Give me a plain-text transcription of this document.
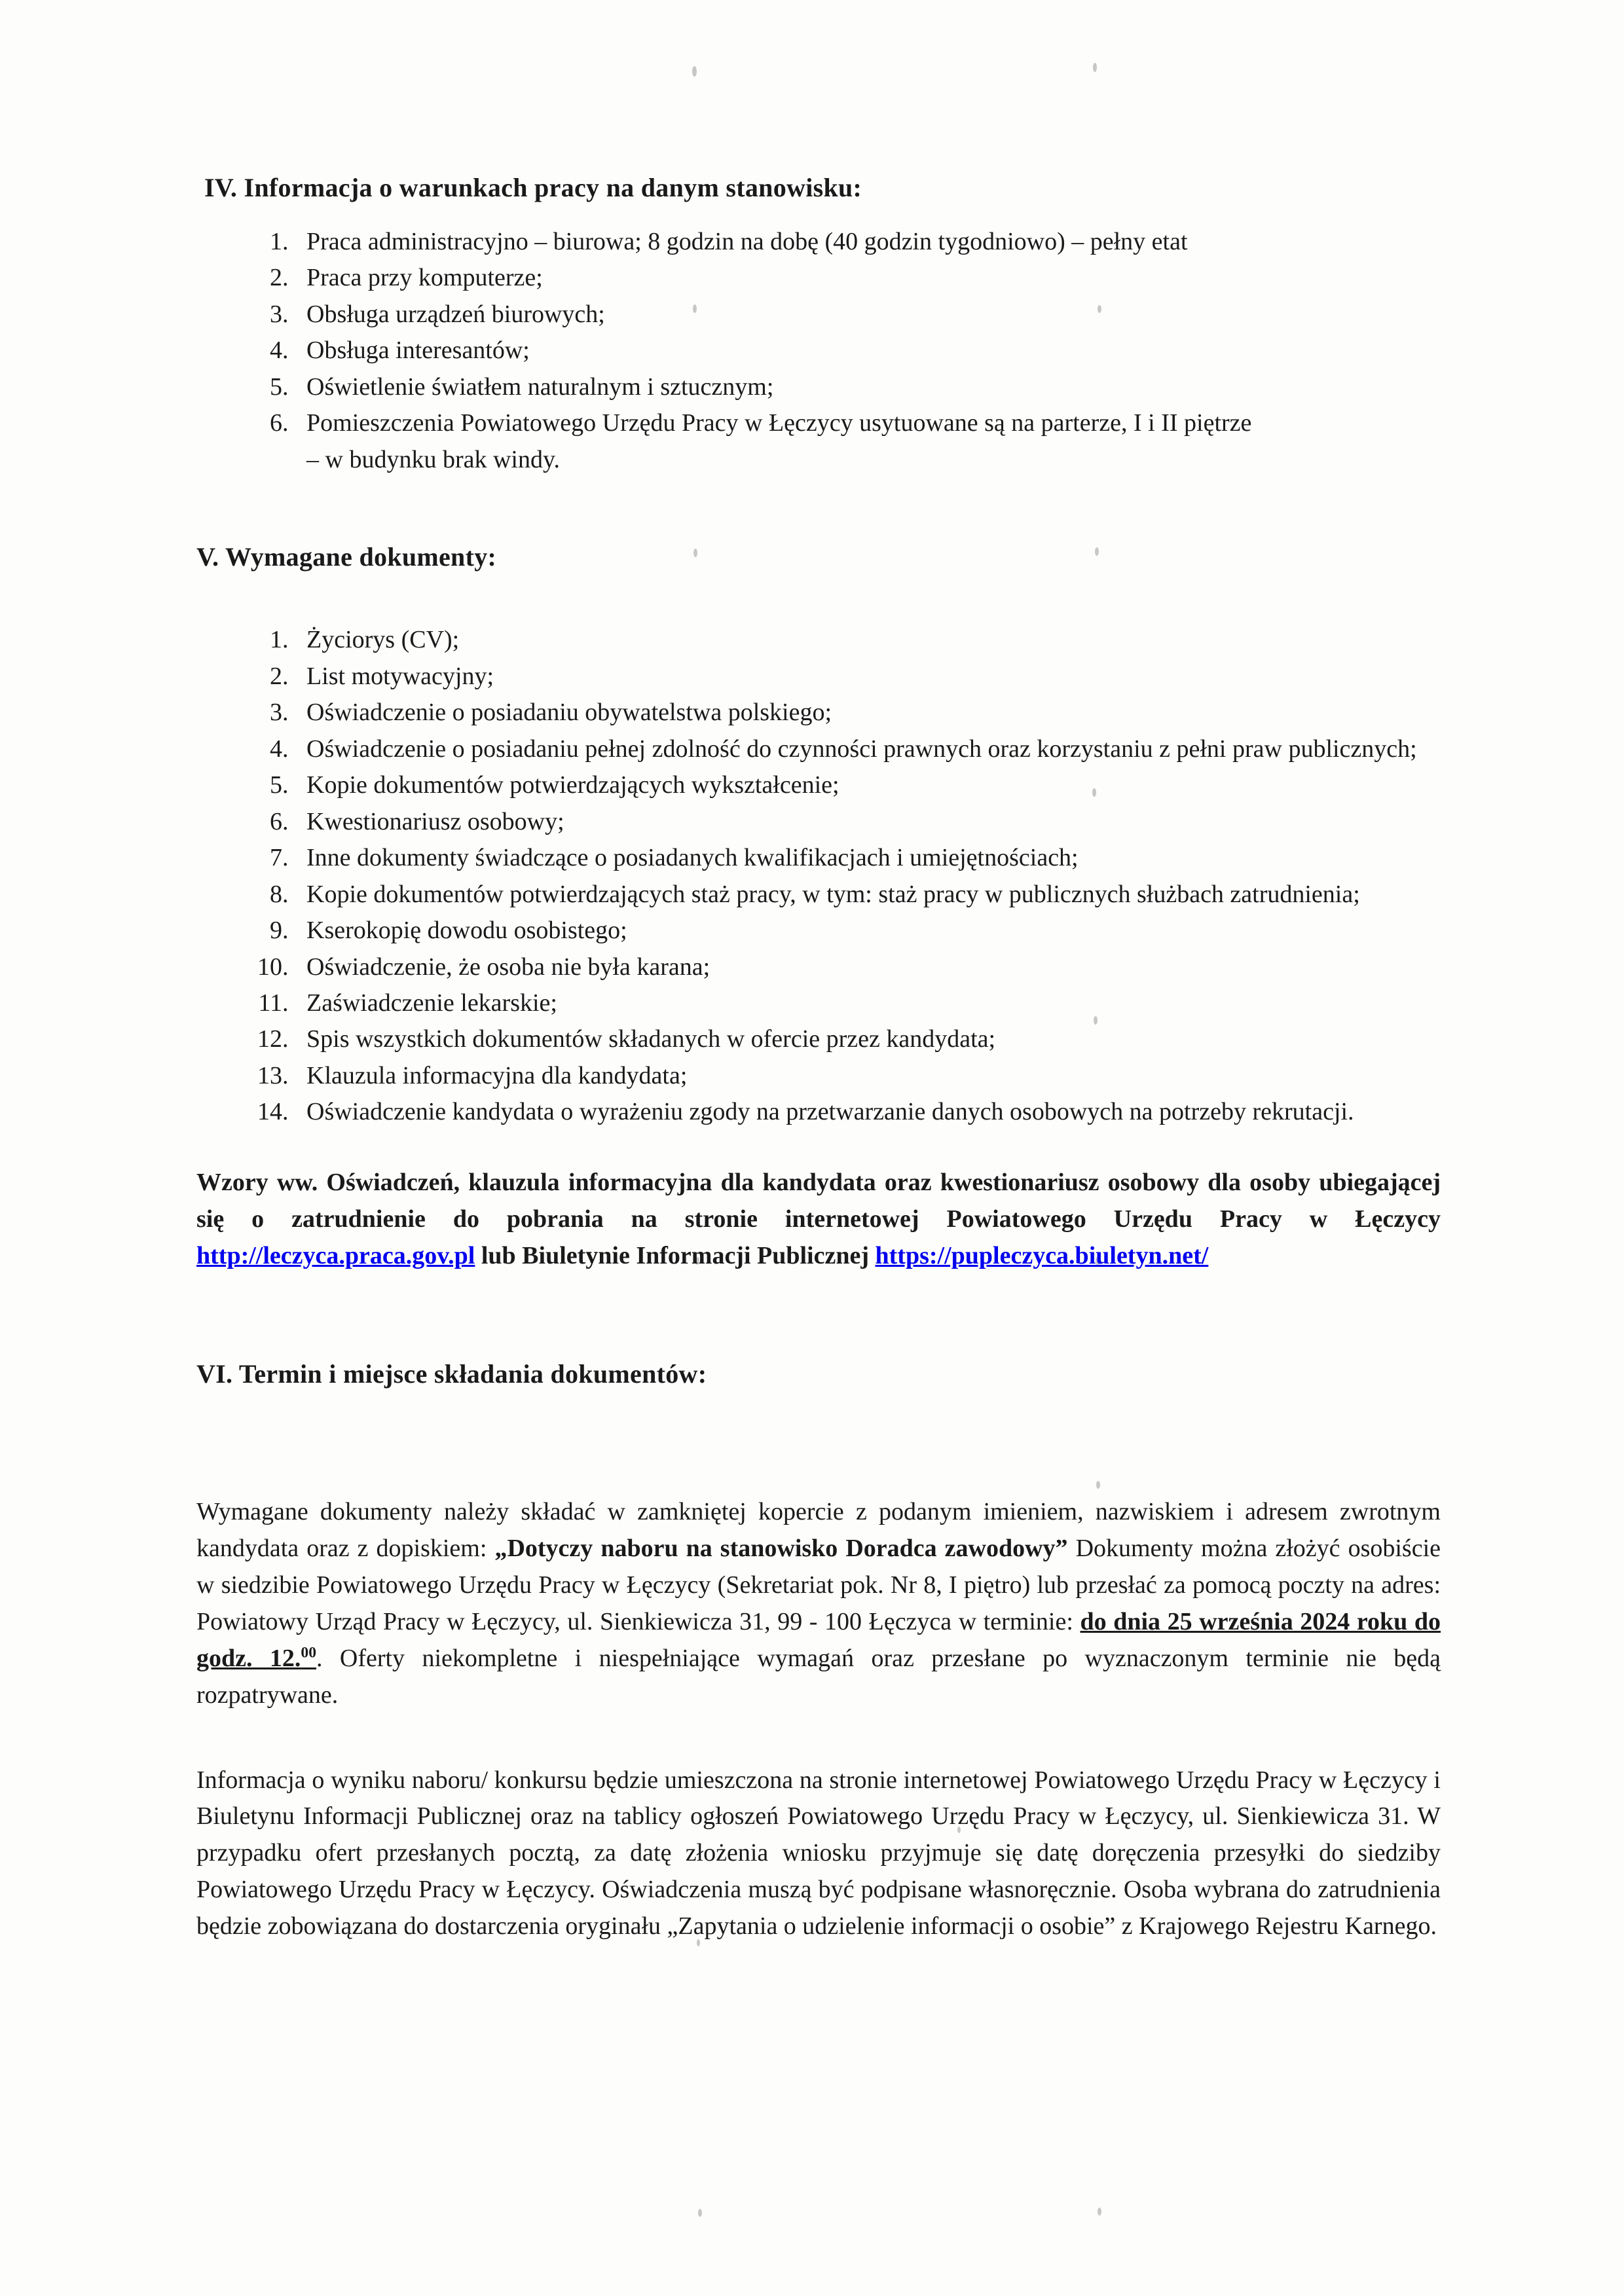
IV. Informacja o warunkach pracy na danym stanowisku:
1. Praca administracyjno – biurowa; 8 godzin na dobę (40 godzin tygodniowo) – pełny etat
2. Praca przy komputerze;
3. Obsługa urządzeń biurowych;
4. Obsługa interesantów;
5. Oświetlenie światłem naturalnym i sztucznym;
6. Pomieszczenia Powiatowego Urzędu Pracy w Łęczycy usytuowane są na parterze, I i II piętrze
– w budynku brak windy.
V. Wymagane dokumenty:
1. Życiorys (CV);
2. List motywacyjny;
3. Oświadczenie o posiadaniu obywatelstwa polskiego;
4. Oświadczenie o posiadaniu pełnej zdolność do czynności prawnych oraz korzystaniu z pełni praw publicznych;
5. Kopie dokumentów potwierdzających wykształcenie;
6. Kwestionariusz osobowy;
7. Inne dokumenty świadczące o posiadanych kwalifikacjach i umiejętnościach;
8. Kopie dokumentów potwierdzających staż pracy, w tym: staż pracy w publicznych służbach zatrudnienia;
9. Kserokopię dowodu osobistego;
10. Oświadczenie, że osoba nie była karana;
11. Zaświadczenie lekarskie;
12. Spis wszystkich dokumentów składanych w ofercie przez kandydata;
13. Klauzula informacyjna dla kandydata;
14. Oświadczenie kandydata o wyrażeniu zgody na przetwarzanie danych osobowych na potrzeby rekrutacji.

Wzory ww. Oświadczeń, klauzula informacyjna dla kandydata oraz kwestionariusz osobowy dla osoby ubiegającej się o zatrudnienie do pobrania na stronie internetowej Powiatowego Urzędu Pracy w Łęczycy http://leczyca.praca.gov.pl lub Biuletynie Informacji Publicznej https://pupleczyca.biuletyn.net/

VI. Termin i miejsce składania dokumentów:

Wymagane dokumenty należy składać w zamkniętej kopercie z podanym imieniem, nazwiskiem i adresem zwrotnym kandydata oraz z dopiskiem: „Dotyczy naboru na stanowisko Doradca zawodowy” Dokumenty można złożyć osobiście w siedzibie Powiatowego Urzędu Pracy w Łęczycy (Sekretariat pok. Nr 8, I piętro) lub przesłać za pomocą poczty na adres: Powiatowy Urząd Pracy w Łęczycy, ul. Sienkiewicza 31, 99 - 100 Łęczyca w terminie: do dnia 25 września 2024 roku do godz. 12.00. Oferty niekompletne i niespełniające wymagań oraz przesłane po wyznaczonym terminie nie będą rozpatrywane.

Informacja o wyniku naboru/ konkursu będzie umieszczona na stronie internetowej Powiatowego Urzędu Pracy w Łęczycy i Biuletynu Informacji Publicznej oraz na tablicy ogłoszeń Powiatowego Urzędu Pracy w Łęczycy, ul. Sienkiewicza 31. W przypadku ofert przesłanych pocztą, za datę złożenia wniosku przyjmuje się datę doręczenia przesyłki do siedziby Powiatowego Urzędu Pracy w Łęczycy. Oświadczenia muszą być podpisane własnoręcznie. Osoba wybrana do zatrudnienia będzie zobowiązana do dostarczenia oryginału „Zapytania o udzielenie informacji o osobie” z Krajowego Rejestru Karnego.
